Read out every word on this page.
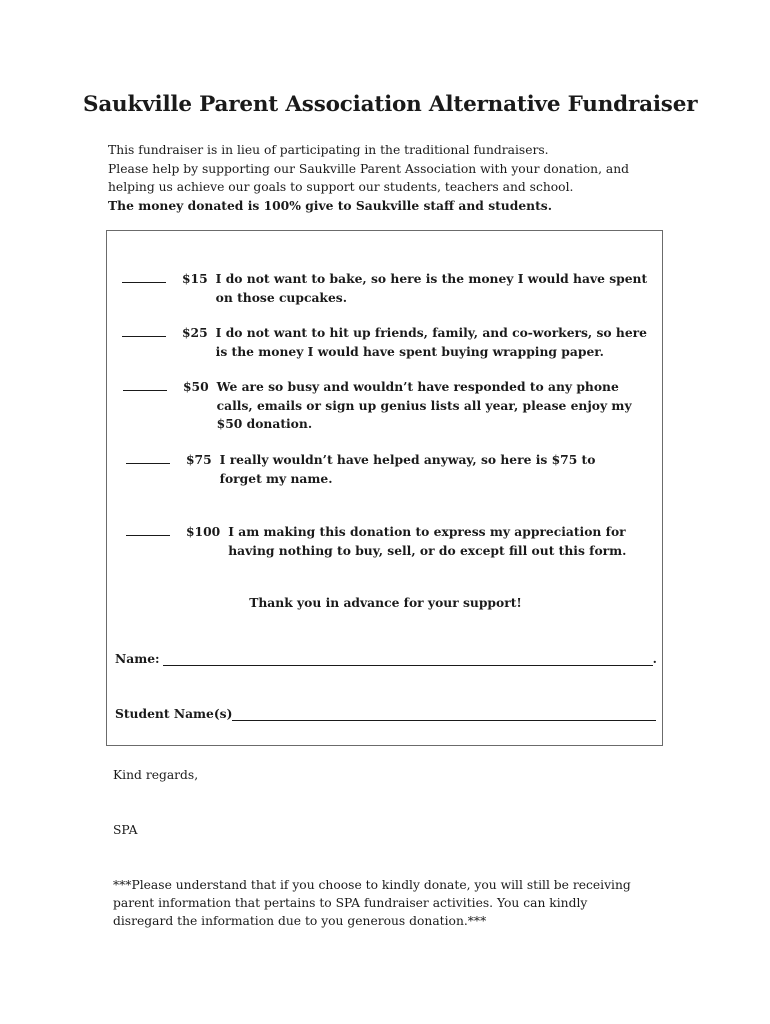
Saukville Parent Association Alternative Fundraiser

This fundraiser is in lieu of participating in the traditional fundraisers.

Please help by supporting our Saukville Parent Association with your donation, and

helping us achieve our goals to support our students, teachers and school.

The money donated is 100% give to Saukville staff and students.

$15 I do not want to bake, so here is the money I would have spent
on those cupcakes.
$25 I do not want to hit up friends, family, and co-workers, so here
is the money I would have spent buying wrapping paper.
$50 We are so busy and wouldn’t have responded to any phone
calls, emails or sign up genius lists all year, please enjoy my
$50 donation.
$75 I really wouldn’t have helped anyway, so here is $75 to
forget my name.
$100 I am making this donation to express my appreciation for
having nothing to buy, sell, or do except fill out this form.
Thank you in advance for your support!
Name:	.
Student Name(s)
Kind regards,
SPA

***Please understand that if you choose to kindly donate, you will still be receiving

parent information that pertains to SPA fundraiser activities. You can kindly

disregard the information due to you generous donation.***
